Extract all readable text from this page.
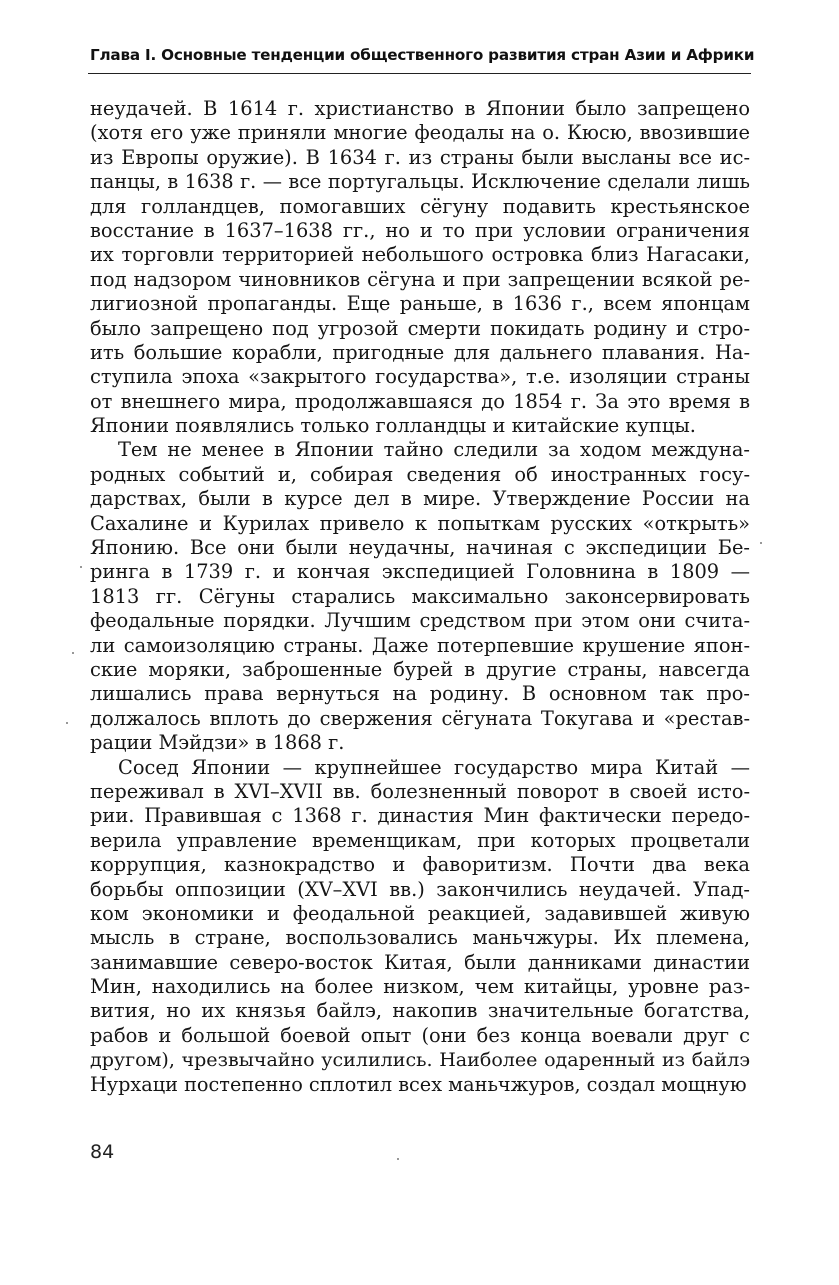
Глава I. Основные тенденции общественного развития стран Азии и Африки
неудачей. В 1614 г. христианство в Японии было запрещено
(хотя его уже приняли многие феодалы на о. Кюсю, ввозившие
из Европы оружие). В 1634 г. из страны были высланы все ис-
панцы, в 1638 г. — все португальцы. Исключение сделали лишь
для голландцев, помогавших сёгуну подавить крестьянское
восстание в 1637–1638 гг., но и то при условии ограничения
их торговли территорией небольшого островка близ Нагасаки,
под надзором чиновников сёгуна и при запрещении всякой ре-
лигиозной пропаганды. Еще раньше, в 1636 г., всем японцам
было запрещено под угрозой смерти покидать родину и стро-
ить большие корабли, пригодные для дальнего плавания. На-
ступила эпоха «закрытого государства», т.е. изоляции страны
от внешнего мира, продолжавшаяся до 1854 г. За это время в
Японии появлялись только голландцы и китайские купцы.
Тем не менее в Японии тайно следили за ходом междуна-
родных событий и, собирая сведения об иностранных госу-
дарствах, были в курсе дел в мире. Утверждение России на
Сахалине и Курилах привело к попыткам русских «открыть»
Японию. Все они были неудачны, начиная с экспедиции Бе-
ринга в 1739 г. и кончая экспедицией Головнина в 1809 —
1813 гг. Сёгуны старались максимально законсервировать
феодальные порядки. Лучшим средством при этом они счита-
ли самоизоляцию страны. Даже потерпевшие крушение япон-
ские моряки, заброшенные бурей в другие страны, навсегда
лишались права вернуться на родину. В основном так про-
должалось вплоть до свержения сёгуната Токугава и «рестав-
рации Мэйдзи» в 1868 г.
Сосед Японии — крупнейшее государство мира Китай —
переживал в XVI–XVII вв. болезненный поворот в своей исто-
рии. Правившая с 1368 г. династия Мин фактически передо-
верила управление временщикам, при которых процветали
коррупция, казнокрадство и фаворитизм. Почти два века
борьбы оппозиции (XV–XVI вв.) закончились неудачей. Упад-
ком экономики и феодальной реакцией, задавившей живую
мысль в стране, воспользовались маньчжуры. Их племена,
занимавшие северо-восток Китая, были данниками династии
Мин, находились на более низком, чем китайцы, уровне раз-
вития, но их князья байлэ, накопив значительные богатства,
рабов и большой боевой опыт (они без конца воевали друг с
другом), чрезвычайно усилились. Наиболее одаренный из байлэ
Нурхаци постепенно сплотил всех маньчжуров, создал мощную
84
